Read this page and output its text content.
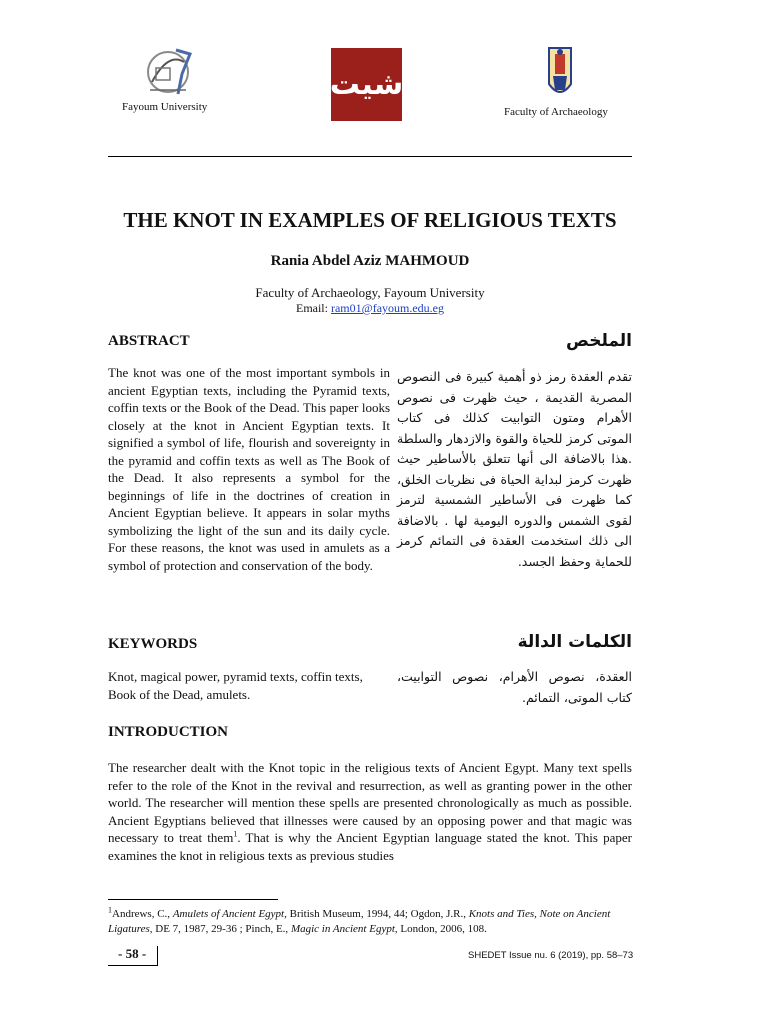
Fayoum University
شيت
Faculty of Archaeology
THE KNOT IN EXAMPLES OF RELIGIOUS TEXTS
Rania Abdel Aziz MAHMOUD
Faculty of Archaeology, Fayoum University
Email: ram01@fayoum.edu.eg
ABSTRACT	الملخص
The knot was one of the most important symbols in ancient Egyptian texts, including the Pyramid texts, coffin texts or the Book of the Dead. This paper looks closely at the knot in Ancient Egyptian texts. It signified a symbol of life, flourish and sovereignty in the pyramid and coffin texts as well as The Book of the Dead. It also represents a symbol for the beginnings of life in the doctrines of creation in Ancient Egyptian believe. It appears in solar myths symbolizing the light of the sun and its daily cycle. For these reasons, the knot was used in amulets as a symbol of protection and conservation of the body.
تقدم العقدة رمز ذو أهمية كبيرة فى النصوص المصرية القديمة ، حيث ظهرت فى نصوص الأهرام ومتون التوابيت كذلك فى كتاب الموتى كرمز للحياة والقوة والازدهار والسلطة .هذا بالاضافة الى أنها تتعلق بالأساطير حيث ظهرت كرمز لبداية الحياة فى نظريات الخلق، كما ظهرت فى الأساطير الشمسية لترمز لقوى الشمس والدوره اليومية لها . بالاضافة الى ذلك استخدمت العقدة فى التمائم كرمز للحماية وحفظ الجسد.
KEYWORDS	الكلمات الدالة
Knot, magical power, pyramid texts, coffin texts, Book of the Dead, amulets.
العقدة، نصوص الأهرام، نصوص التوابيت، كتاب الموتى، التمائم.
INTRODUCTION
The researcher dealt with the Knot topic in the religious texts of Ancient Egypt. Many text spells refer to the role of the Knot in the revival and resurrection, as well as granting power in the other world. The researcher will mention these spells are presented chronologically as much as possible. Ancient Egyptians believed that illnesses were caused by an opposing power and that magic was necessary to treat them$^1$. That is why the Ancient Egyptian language stated the knot. This paper examines the knot in religious texts as previous studies
$^1$Andrews, C., Amulets of Ancient Egypt, British Museum, 1994, 44; Ogdon, J.R., Knots and Ties, Note on Ancient Ligatures, DE 7, 1987, 29-36 ; Pinch, E., Magic in Ancient Egypt, London, 2006, 108.
- 58 -	SHEDET Issue nu. 6 (2019), pp. 58–73
